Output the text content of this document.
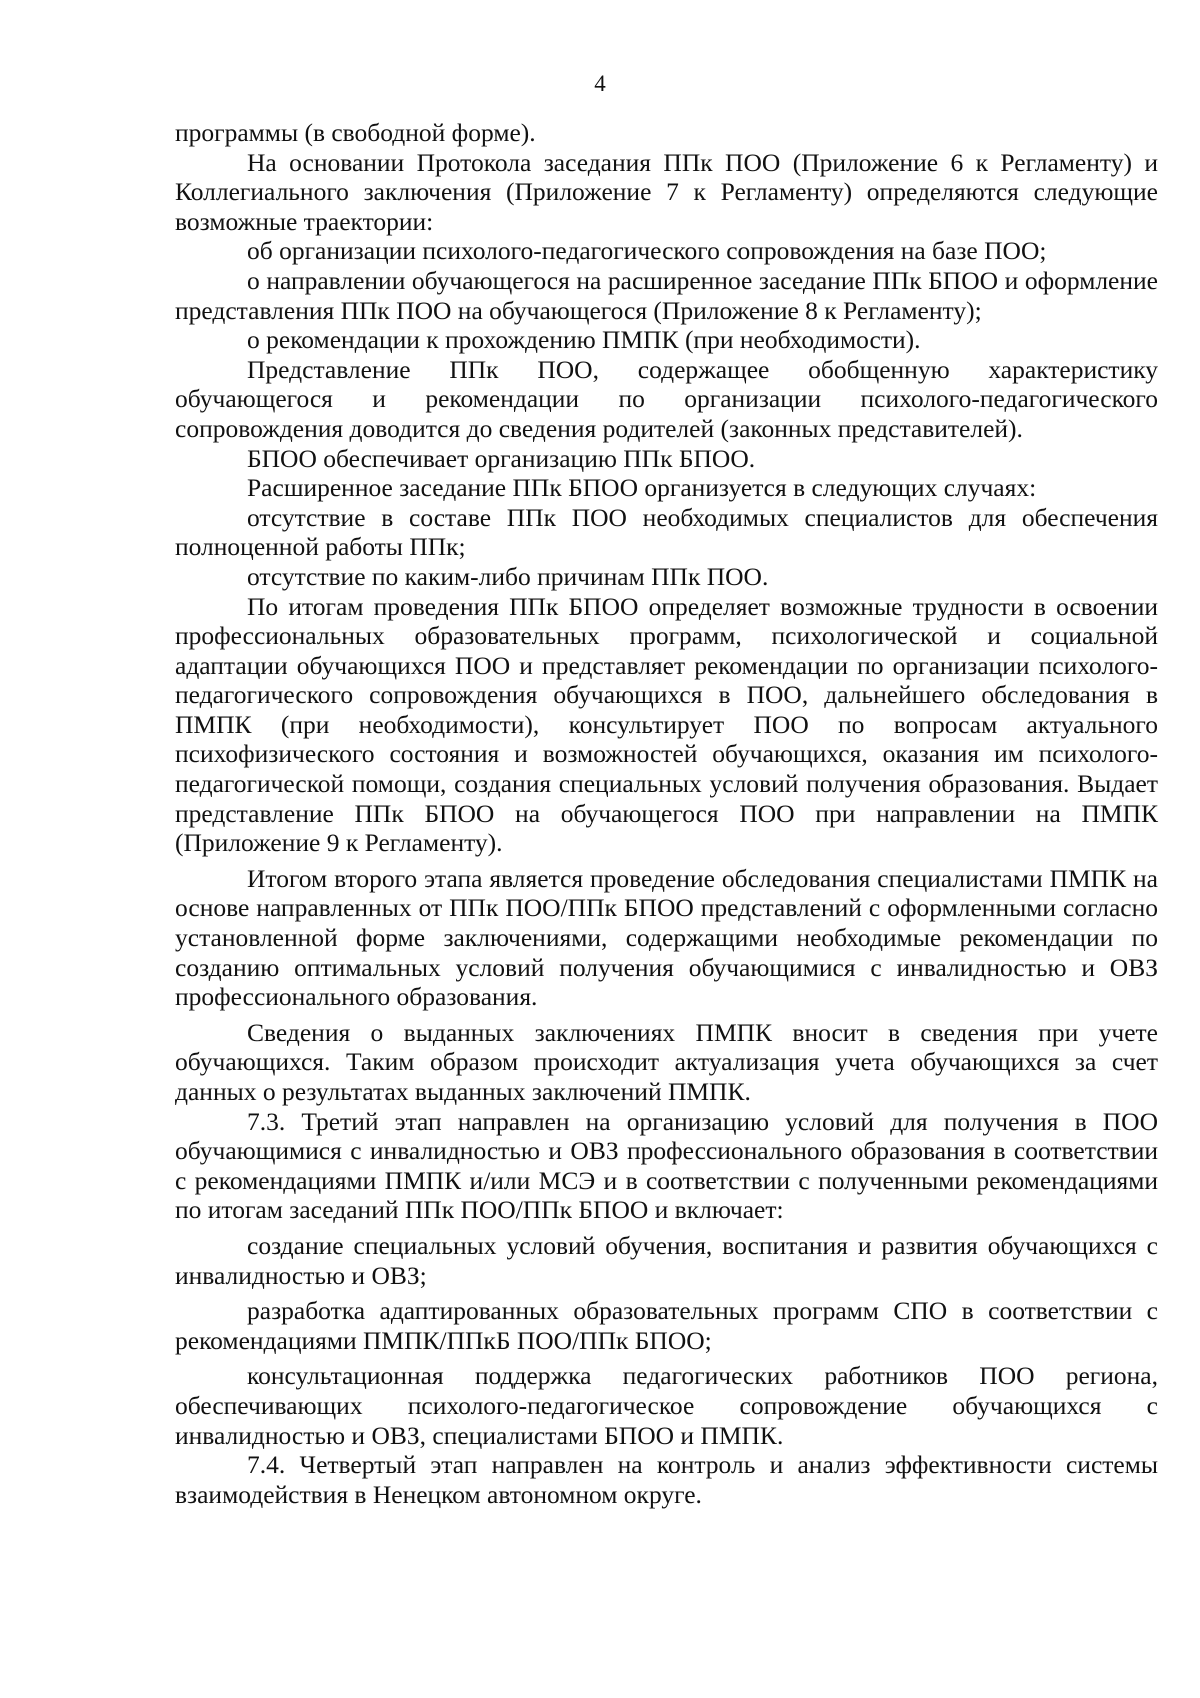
4

программы (в свободной форме).

На основании Протокола заседания ППк ПОО (Приложение 6 к Регламенту) и Коллегиального заключения (Приложение 7 к Регламенту) определяются следующие возможные траектории:

об организации психолого-педагогического сопровождения на базе ПОО;

о направлении обучающегося на расширенное заседание ППк БПОО и оформление представления ППк ПОО на обучающегося (Приложение 8 к Регламенту);

о рекомендации к прохождению ПМПК (при необходимости).

Представление ППк ПОО, содержащее обобщенную характеристику обучающегося и рекомендации по организации психолого-педагогического сопровождения доводится до сведения родителей (законных представителей).

БПОО обеспечивает организацию ППк БПОО.

Расширенное заседание ППк БПОО организуется в следующих случаях:

отсутствие в составе ППк ПОО необходимых специалистов для обеспечения полноценной работы ППк;

отсутствие по каким-либо причинам ППк ПОО.

По итогам проведения ППк БПОО определяет возможные трудности в освоении профессиональных образовательных программ, психологической и социальной адаптации обучающихся ПОО и представляет рекомендации по организации психолого-педагогического сопровождения обучающихся в ПОО, дальнейшего обследования в ПМПК (при необходимости), консультирует ПОО по вопросам актуального психофизического состояния и возможностей обучающихся, оказания им психолого-педагогической помощи, создания специальных условий получения образования. Выдает представление ППк БПОО на обучающегося ПОО при направлении на ПМПК (Приложение 9 к Регламенту).

Итогом второго этапа является проведение обследования специалистами ПМПК на основе направленных от ППк ПОО/ППк БПОО представлений с оформленными согласно установленной форме заключениями, содержащими необходимые рекомендации по созданию оптимальных условий получения обучающимися с инвалидностью и ОВЗ профессионального образования.

Сведения о выданных заключениях ПМПК вносит в сведения при учете обучающихся. Таким образом происходит актуализация учета обучающихся за счет данных о результатах выданных заключений ПМПК.

7.3. Третий этап направлен на организацию условий для получения в ПОО обучающимися с инвалидностью и ОВЗ профессионального образования в соответствии с рекомендациями ПМПК и/или МСЭ и в соответствии с полученными рекомендациями по итогам заседаний ППк ПОО/ППк БПОО и включает:

создание специальных условий обучения, воспитания и развития обучающихся с инвалидностью и ОВЗ;

разработка адаптированных образовательных программ СПО в соответствии с рекомендациями ПМПК/ППкБ ПОО/ППк БПОО;

консультационная поддержка педагогических работников ПОО региона, обеспечивающих психолого-педагогическое сопровождение обучающихся с инвалидностью и ОВЗ, специалистами БПОО и ПМПК.

7.4. Четвертый этап направлен на контроль и анализ эффективности системы взаимодействия в Ненецком автономном округе.
